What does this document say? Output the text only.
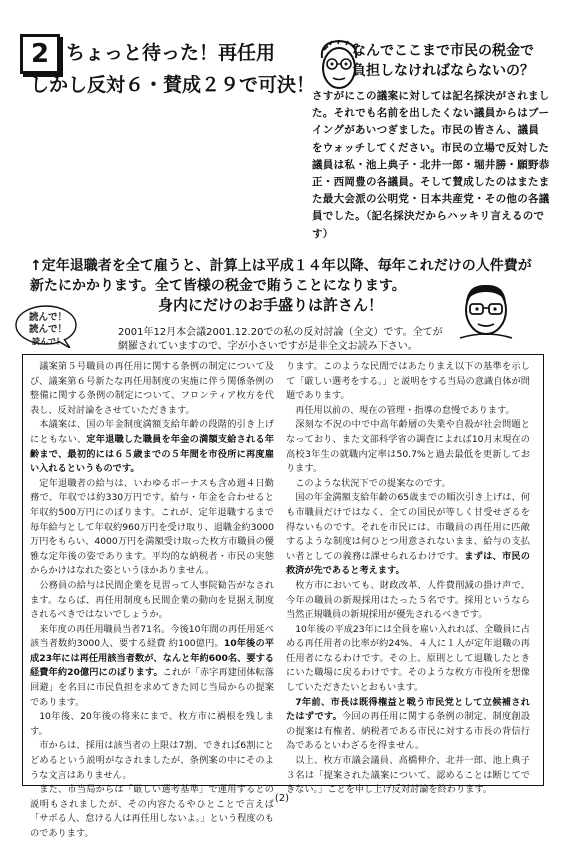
2 ちょっと待った！再任用
しかし反対６・賛成２９で可決！
なんでここまで市民の税金で
負担しなければならないの？
さすがにこの議案に対しては記名採決がされました。それでも名前を出したくない議員からはブーイングがあいつぎました。市民の皆さん、議員をウォッチしてください。市民の立場で反対した議員は私・池上典子・北井一郎・堀井勝・願野恭正・西岡豊の各議員。そして賛成したのはまたまた最大会派の公明党・日本共産党・その他の各議員でした。（記名採決だからハッキリ言えるのです）
↑定年退職者を全て雇うと、計算上は平成１４年以降、毎年これだけの人件費が新たにかかります。全て皆様の税金で賄うことになります。
身内にだけのお手盛りは許さん！
読んで！
読んで！
読んで！
2001年12月本会議2001.12.20での私の反対討論（全文）です。全てが網羅されていますので、字が小さいですが是非全文お読み下さい。

議案第５号職員の再任用に関する条例の制定について及び、議案第６号新たな再任用制度の実施に伴う関係条例の整備に関する条例の制定について、フロンティア枚方を代表し、反対討論をさせていただきます。

本議案は、国の年金制度満額支給年齢の段階的引き上げにともない、定年退職した職員を年金の満額支給される年齢まで、最初的には６５歳までの５年間を市役所に再度雇い入れるというものです。

定年退職者の給与は、いわゆるボーナスも含め週４日勤務で、年収では約330万円です。給与・年金を合わせると年収約500万円にのぼります。これが、定年退職するまで毎年給与として年収約960万円を受け取り、退職金約3000万円をもらい、4000万円を満額受け取った枚方市職員の優雅な定年後の姿であります。平均的な納税者・市民の実態からかけはなれた姿というほかありません。

公務員の給与は民間企業を見習って人事院勧告がなされます。ならば、再任用制度も民間企業の動向を見据え制度されるべきではないでしょうか。

来年度の再任用職員当者71名。今後10年間の再任用延べ該当者数約3000人、要する経費 約100億円。10年後の平成23年には再任用該当者数が、なんと年約600名、要する経費年約20億円にのぼります。これが「赤字再建団体転落回避」を名目に市民負担を求めてきた同じ当局からの提案であります。

10年後、20年後の将来にまで、枚方市に禍根を残します。

市からは、採用は該当者の上限は7割、できれば6割にとどめるという説明がなされましたが、条例案の中にそのような文言はありません。

また、市当局からは「厳しい選考基準」で運用するとの説明もされましたが、その内容たるやひとことで言えば「サボる人、怠ける人は再任用しないよ。」という程度のものであります。

ります。このような民間ではあたりまえ以下の基準を示して「厳しい選考をする。」と説明をする当局の意識自体が問題であります。

再任用以前の、現在の管理・指導の怠慢であります。

深刻な不況の中で中高年齢層の失業や自殺が社会問題となっており、また文部科学省の調査によれば10月末現在の高校3年生の就職内定率は50.7%と過去最低を更新しております。

このような状況下での提案なのです。

国の年金満額支給年齢の65歳までの順次引き上げは、何も市職員だけではなく、全ての国民が等しく甘受せざるを得ないものです。それを市民には、市職員の再任用に匹敵するような制度は何ひとつ用意されないまま、給与の支払い者としての義務は課せられるわけです。まずは、市民の救済が先であると考えます。

枚方市においても、財政改革、人件費削減の掛け声で、今年の職員の新規採用はたった５名です。採用というなら当然正規職員の新規採用が優先されるべきです。

10年後の平成23年には全員を雇い入れれば、全職員に占める再任用者の比率が約24%、４人に１人が定年退職の再任用者になるわけです。その上、原則として退職したときにいた職場に戻るわけです。そのような枚方市役所を想像していただきたいとおもいます。

7年前、市長は既得権益と戦う市民党として立候補されたはずです。今回の再任用に関する条例の制定、制度創設の提案は有権者、納税者である市民に対する市長の背信行為であるといわざるを得ません。

以上、枚方市議会議員、高橋伸介、北井一郎、池上典子３名は「提案された議案について、認めることは断じてできない。」ことを申し上げ反対討論を終わります。

(2)
